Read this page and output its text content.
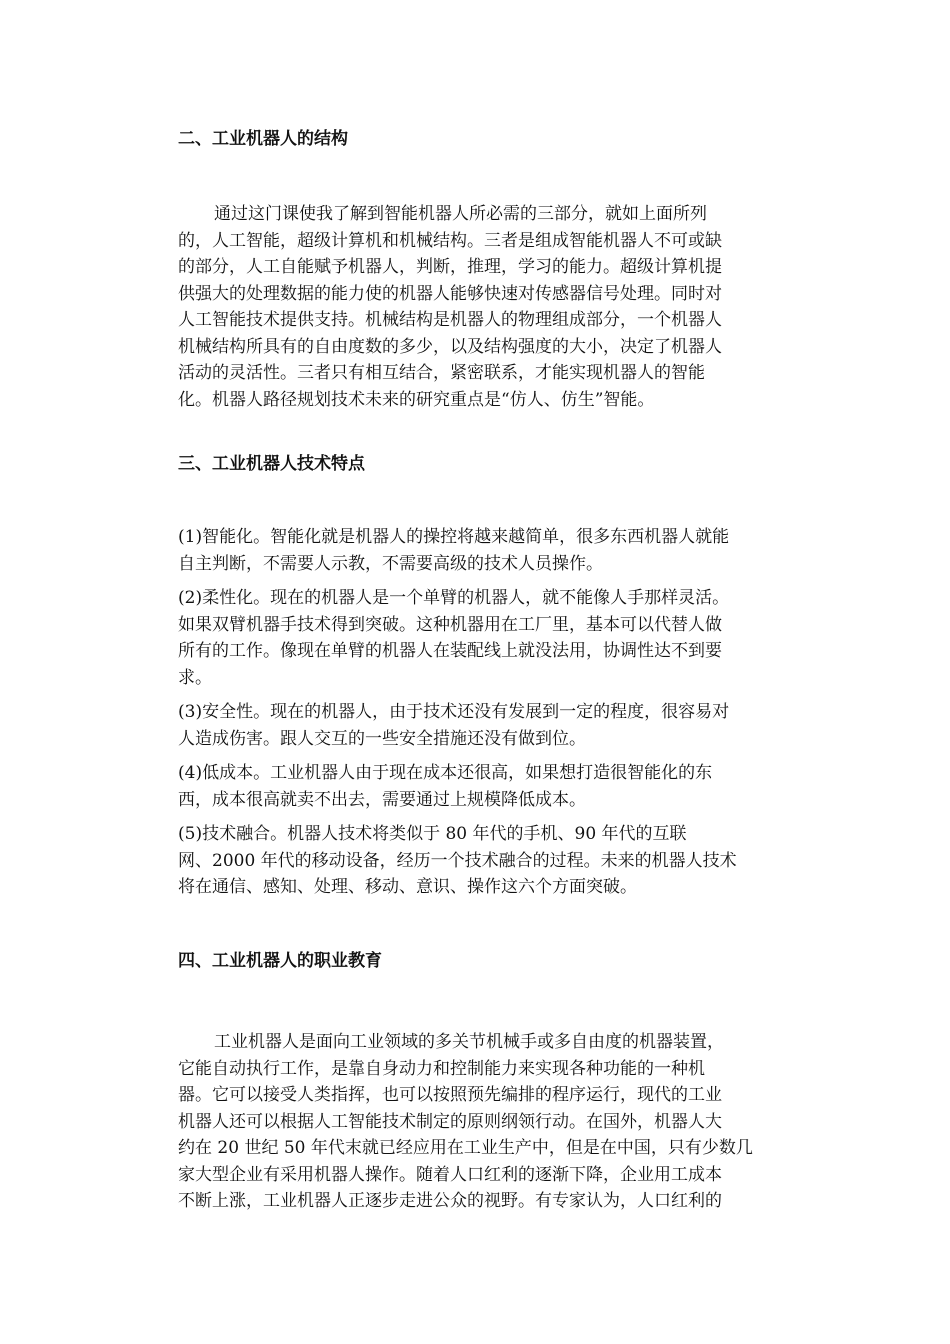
二、工业机器人的结构
通过这门课使我了解到智能机器人所必需的三部分，就如上面所列
的，人工智能，超级计算机和机械结构。三者是组成智能机器人不可或缺
的部分，人工自能赋予机器人，判断，推理，学习的能力。超级计算机提
供强大的处理数据的能力使的机器人能够快速对传感器信号处理。同时对
人工智能技术提供支持。机械结构是机器人的物理组成部分，一个机器人
机械结构所具有的自由度数的多少，以及结构强度的大小，决定了机器人
活动的灵活性。三者只有相互结合，紧密联系，才能实现机器人的智能
化。机器人路径规划技术未来的研究重点是“仿人、仿生”智能。
三、工业机器人技术特点
(1)智能化。智能化就是机器人的操控将越来越简单，很多东西机器人就能
自主判断，不需要人示教，不需要高级的技术人员操作。
(2)柔性化。现在的机器人是一个单臂的机器人，就不能像人手那样灵活。
如果双臂机器手技术得到突破。这种机器用在工厂里，基本可以代替人做
所有的工作。像现在单臂的机器人在装配线上就没法用，协调性达不到要
求。
(3)安全性。现在的机器人，由于技术还没有发展到一定的程度，很容易对
人造成伤害。跟人交互的一些安全措施还没有做到位。
(4)低成本。工业机器人由于现在成本还很高，如果想打造很智能化的东
西，成本很高就卖不出去，需要通过上规模降低成本。
(5)技术融合。机器人技术将类似于 80 年代的手机、90 年代的互联
网、2000 年代的移动设备，经历一个技术融合的过程。未来的机器人技术
将在通信、感知、处理、移动、意识、操作这六个方面突破。
四、工业机器人的职业教育
工业机器人是面向工业领域的多关节机械手或多自由度的机器装置，
它能自动执行工作，是靠自身动力和控制能力来实现各种功能的一种机
器。它可以接受人类指挥，也可以按照预先编排的程序运行，现代的工业
机器人还可以根据人工智能技术制定的原则纲领行动。在国外，机器人大
约在 20 世纪 50 年代末就已经应用在工业生产中，但是在中国，只有少数几
家大型企业有采用机器人操作。随着人口红利的逐渐下降，企业用工成本
不断上涨，工业机器人正逐步走进公众的视野。有专家认为，人口红利的
